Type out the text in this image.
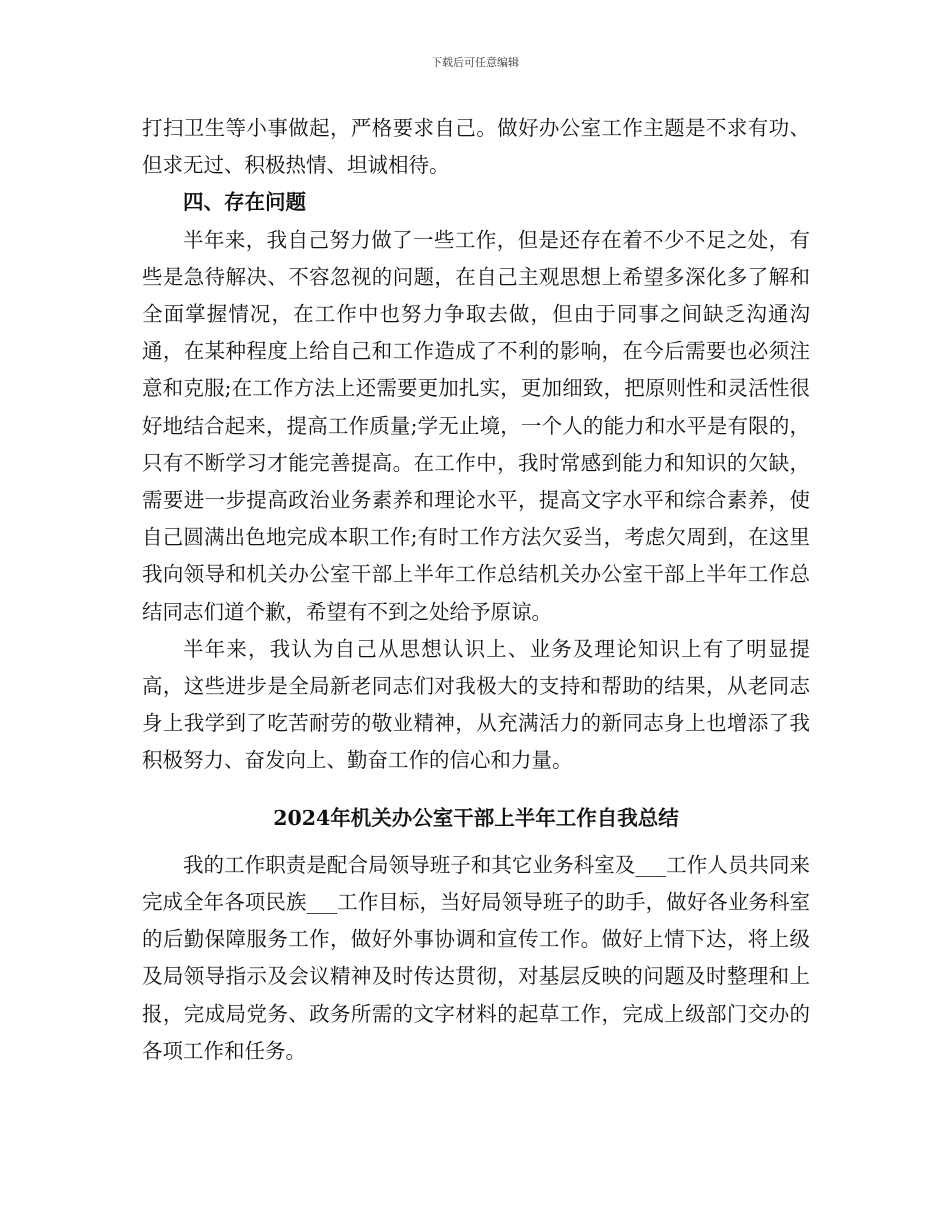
下载后可任意编辑

打扫卫生等小事做起，严格要求自己。做好办公室工作主题是不求有功、但求无过、积极热情、坦诚相待。

四、存在问题

半年来，我自己努力做了一些工作，但是还存在着不少不足之处，有些是急待解决、不容忽视的问题，在自己主观思想上希望多深化多了解和全面掌握情况，在工作中也努力争取去做，但由于同事之间缺乏沟通沟通，在某种程度上给自己和工作造成了不利的影响，在今后需要也必须注意和克服;在工作方法上还需要更加扎实，更加细致，把原则性和灵活性很好地结合起来，提高工作质量;学无止境，一个人的能力和水平是有限的，只有不断学习才能完善提高。在工作中，我时常感到能力和知识的欠缺，需要进一步提高政治业务素养和理论水平，提高文字水平和综合素养，使自己圆满出色地完成本职工作;有时工作方法欠妥当，考虑欠周到，在这里我向领导和机关办公室干部上半年工作总结机关办公室干部上半年工作总结同志们道个歉，希望有不到之处给予原谅。

半年来，我认为自己从思想认识上、业务及理论知识上有了明显提高，这些进步是全局新老同志们对我极大的支持和帮助的结果，从老同志身上我学到了吃苦耐劳的敬业精神，从充满活力的新同志身上也增添了我积极努力、奋发向上、勤奋工作的信心和力量。

2024年机关办公室干部上半年工作自我总结

我的工作职责是配合局领导班子和其它业务科室及___工作人员共同来完成全年各项民族___工作目标，当好局领导班子的助手，做好各业务科室的后勤保障服务工作，做好外事协调和宣传工作。做好上情下达，将上级及局领导指示及会议精神及时传达贯彻，对基层反映的问题及时整理和上报，完成局党务、政务所需的文字材料的起草工作，完成上级部门交办的各项工作和任务。
